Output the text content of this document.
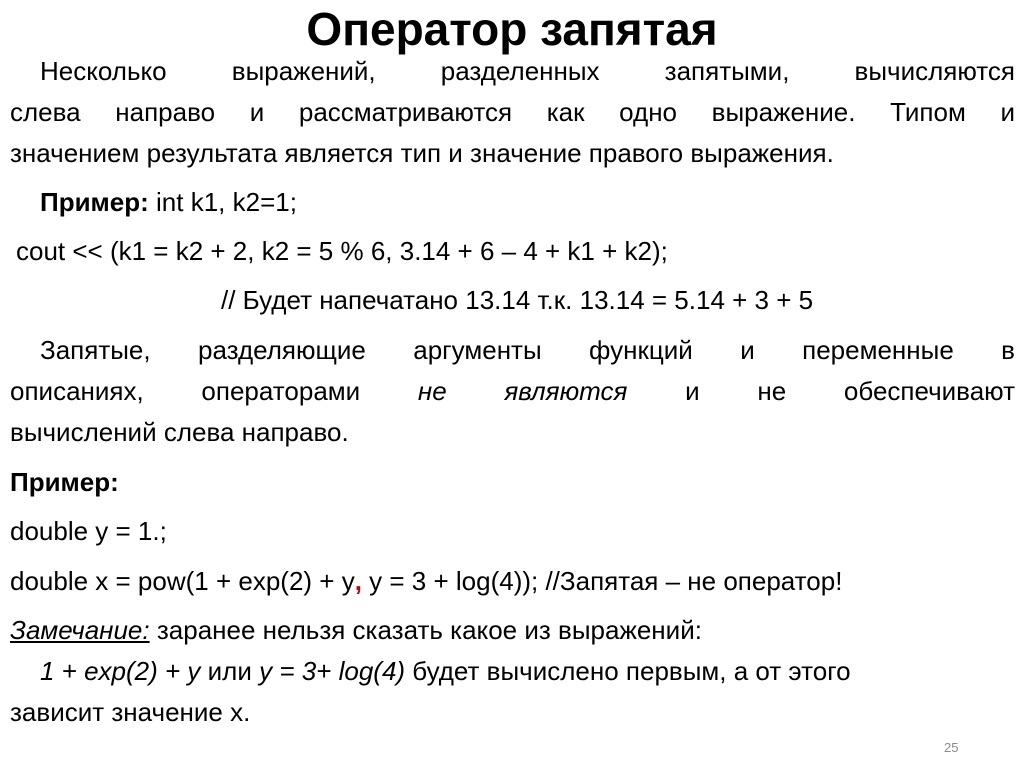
Оператор запятая
Несколько выражений, разделенных запятыми, вычисляются
слева направо и рассматриваются как одно выражение. Типом и
значением результата является тип и значение правого выражения.
Пример: int k1, k2=1;
cout << (k1 = k2 + 2, k2 = 5 % 6, 3.14 + 6 – 4 + k1 + k2);
// Будет напечатано 13.14 т.к. 13.14 = 5.14 + 3 + 5
Запятые, разделяющие аргументы функций и переменные в
описаниях, операторами не являются и не обеспечивают
вычислений слева направо.
Пример:
double y = 1.;
double x = pow(1 + exp(2) + y, y = 3 + log(4)); //Запятая – не оператор!
Замечание: заранее нельзя сказать какое из выражений:
1 + exp(2) + y или y = 3+ log(4) будет вычислено первым, а от этого
зависит значение x.
25
